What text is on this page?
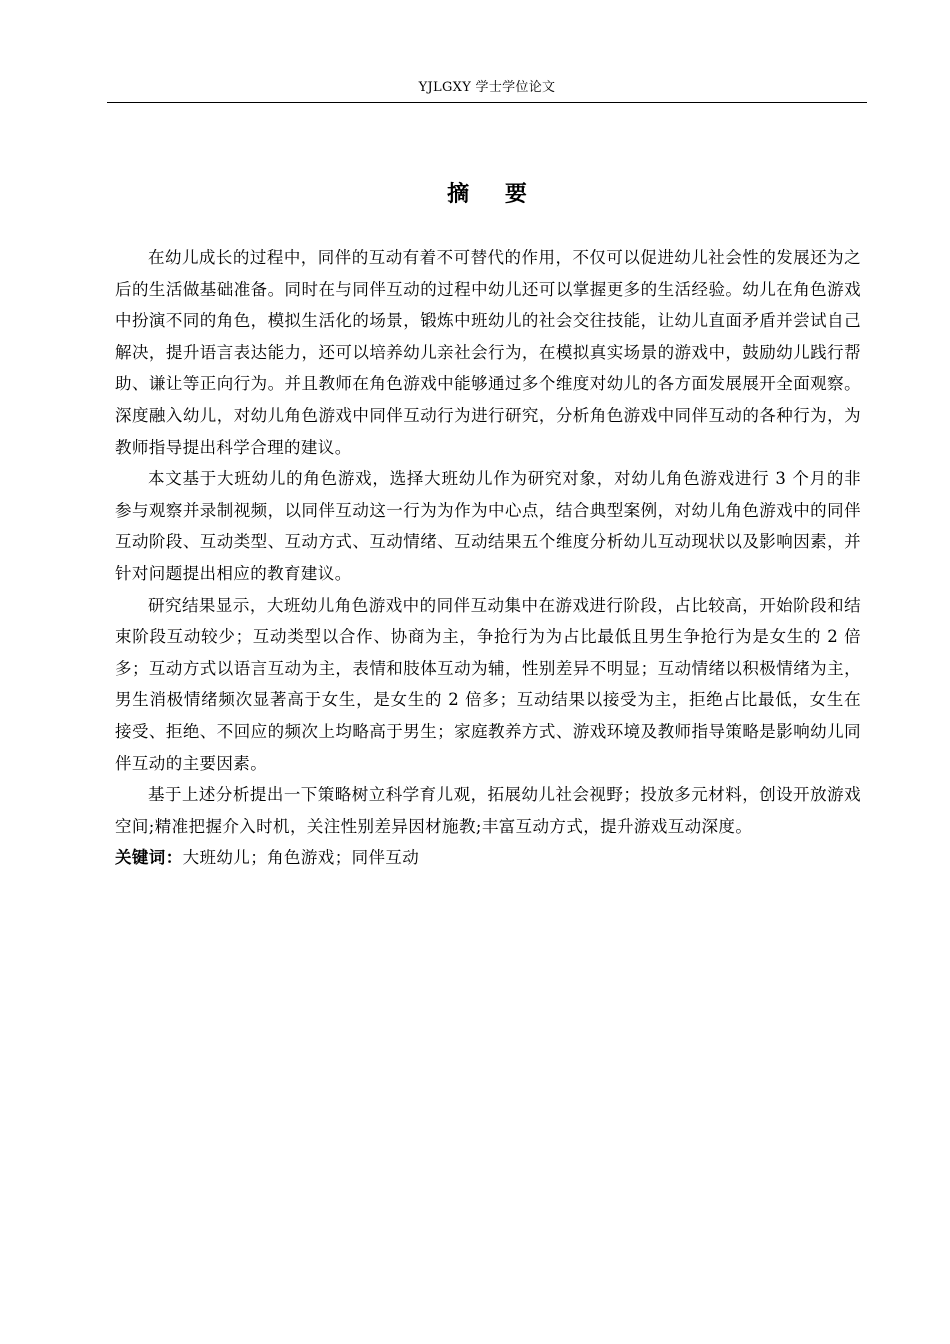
YJLGXY 学士学位论文
摘 要

在幼儿成长的过程中，同伴的互动有着不可替代的作用，不仅可以促进幼儿社会性的发展还为之后的生活做基础准备。同时在与同伴互动的过程中幼儿还可以掌握更多的生活经验。幼儿在角色游戏中扮演不同的角色，模拟生活化的场景，锻炼中班幼儿的社会交往技能，让幼儿直面矛盾并尝试自己解决，提升语言表达能力，还可以培养幼儿亲社会行为，在模拟真实场景的游戏中，鼓励幼儿践行帮助、谦让等正向行为。并且教师在角色游戏中能够通过多个维度对幼儿的各方面发展展开全面观察。深度融入幼儿，对幼儿角色游戏中同伴互动行为进行研究，分析角色游戏中同伴互动的各种行为，为教师指导提出科学合理的建议。

本文基于大班幼儿的角色游戏，选择大班幼儿作为研究对象，对幼儿角色游戏进行 3 个月的非参与观察并录制视频，以同伴互动这一行为为作为中心点，结合典型案例，对幼儿角色游戏中的同伴互动阶段、互动类型、互动方式、互动情绪、互动结果五个维度分析幼儿互动现状以及影响因素，并针对问题提出相应的教育建议。

研究结果显示，大班幼儿角色游戏中的同伴互动集中在游戏进行阶段，占比较高，开始阶段和结束阶段互动较少；互动类型以合作、协商为主，争抢行为为占比最低且男生争抢行为是女生的 2 倍多；互动方式以语言互动为主，表情和肢体互动为辅，性别差异不明显；互动情绪以积极情绪为主，男生消极情绪频次显著高于女生，是女生的 2 倍多；互动结果以接受为主，拒绝占比最低，女生在接受、拒绝、不回应的频次上均略高于男生；家庭教养方式、游戏环境及教师指导策略是影响幼儿同伴互动的主要因素。

基于上述分析提出一下策略树立科学育儿观，拓展幼儿社会视野；投放多元材料，创设开放游戏空间;精准把握介入时机，关注性别差异因材施教;丰富互动方式，提升游戏互动深度。

关键词：大班幼儿；角色游戏；同伴互动
